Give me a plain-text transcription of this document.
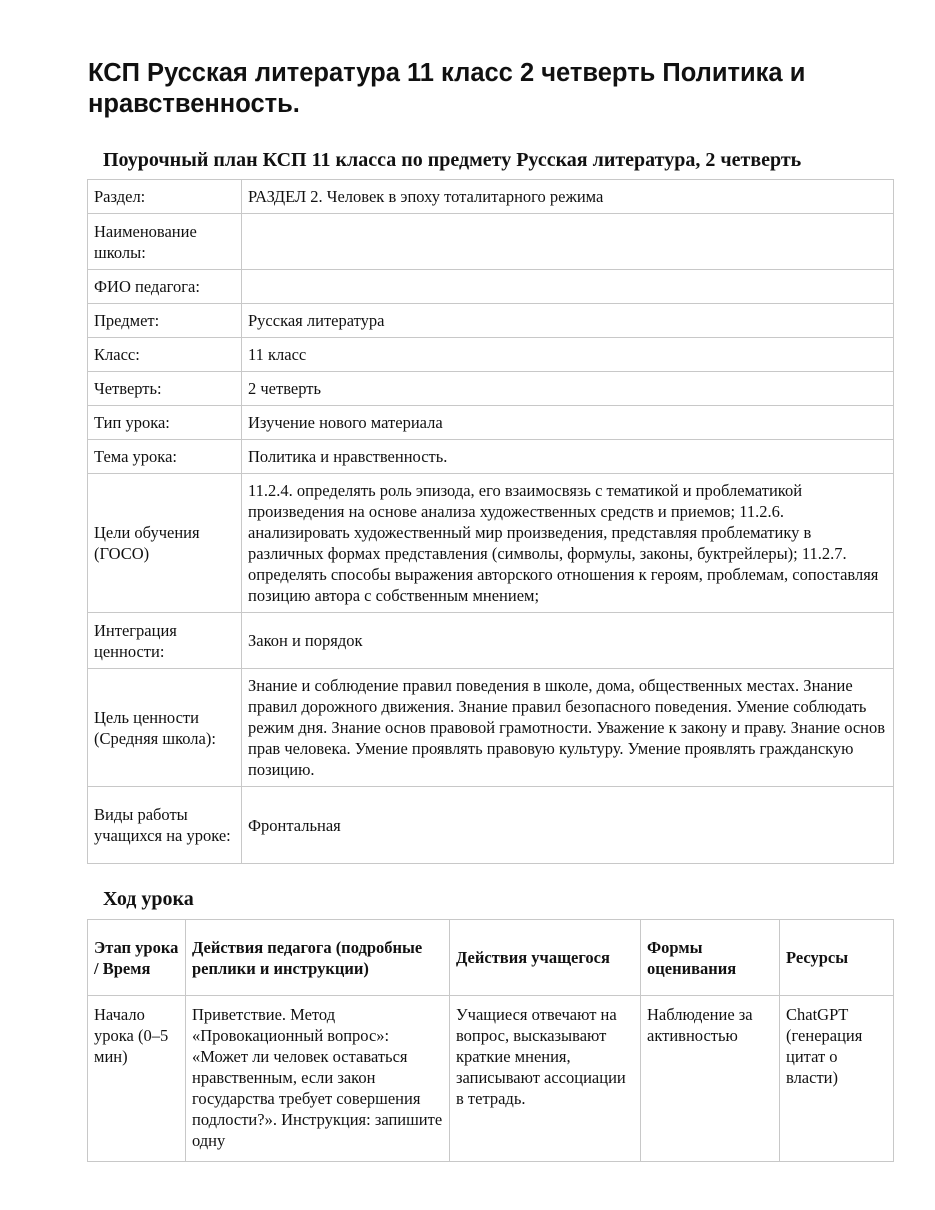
КСП Русская литература 11 класс 2 четверть Политика и нравственность.
Поурочный план КСП 11 класса по предмету Русская литература, 2 четверть
Раздел:	РАЗДЕЛ 2. Человек в эпоху тоталитарного режима
Наименование школы:	
ФИО педагога:	
Предмет:	Русская литература
Класс:	11 класс
Четверть:	2 четверть
Тип урока:	Изучение нового материала
Тема урока:	Политика и нравственность.
Цели обучения (ГОСО)	11.2.4. определять роль эпизода, его взаимосвязь с тематикой и проблематикой произведения на основе анализа художественных средств и приемов; 11.2.6. анализировать художественный мир произведения, представляя проблематику в различных формах представления (символы, формулы, законы, буктрейлеры); 11.2.7. определять способы выражения авторского отношения к героям, проблемам, сопоставляя позицию автора с собственным мнением;
Интеграция ценности:	Закон и порядок
Цель ценности (Средняя школа):	Знание и соблюдение правил поведения в школе, дома, общественных местах. Знание правил дорожного движения. Знание правил безопасного поведения. Умение соблюдать режим дня. Знание основ правовой грамотности. Уважение к закону и праву. Знание основ прав человека. Умение проявлять правовую культуру. Умение проявлять гражданскую позицию.
Виды работы учащихся на уроке:	Фронтальная
Ход урока
Этап урока / Время	Действия педагога (подробные реплики и инструкции)	Действия учащегося	Формы оценивания	Ресурсы

Начало урока (0–5 мин)	Приветствие. Метод «Провокационный вопрос»: «Может ли человек оставаться нравственным, если закон государства требует совершения подлости?». Инструкция: запишите одну	Учащиеся отвечают на вопрос, высказывают краткие мнения, записывают ассоциации в тетрадь.	Наблюдение за активностью	ChatGPT (генерация цитат о власти)
